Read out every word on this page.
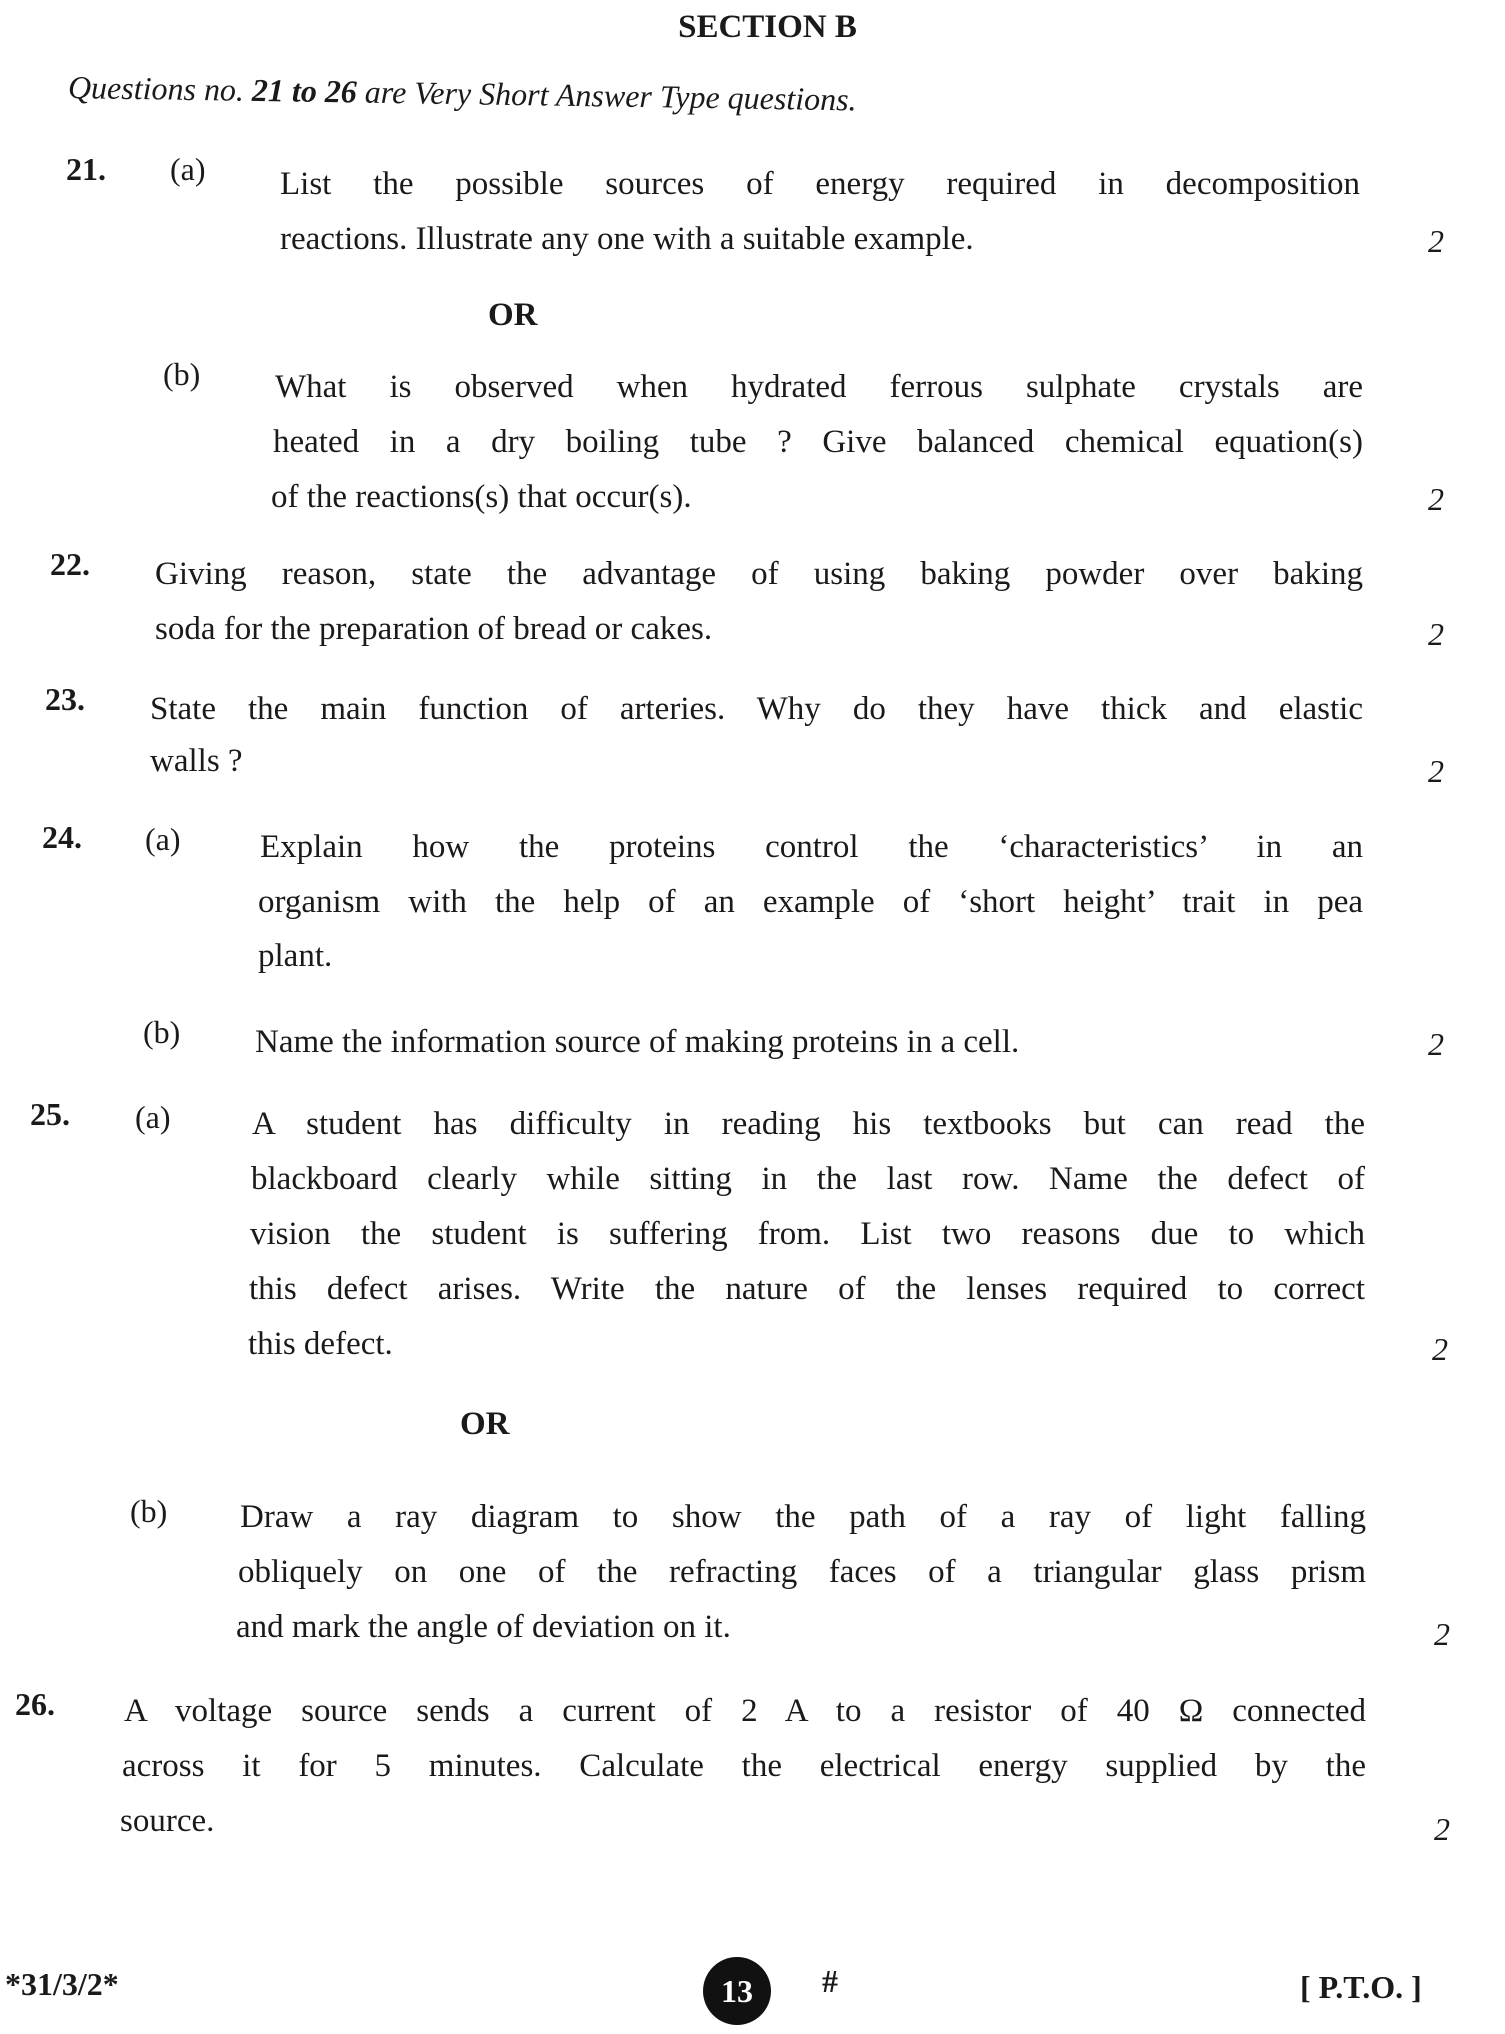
SECTION B
Questions no. 21 to 26 are Very Short Answer Type questions.
21. (a) List the possible sources of energy required in decomposition
reactions. Illustrate any one with a suitable example.	2
OR
(b) What is observed when hydrated ferrous sulphate crystals are
heated in a dry boiling tube ? Give balanced chemical equation(s)
of the reactions(s) that occur(s).	2
22. Giving reason, state the advantage of using baking powder over baking
soda for the preparation of bread or cakes.	2
23. State the main function of arteries. Why do they have thick and elastic
walls ?	2
24. (a) Explain how the proteins control the ‘characteristics’ in an
organism with the help of an example of ‘short height’ trait in pea
plant.
(b) Name the information source of making proteins in a cell.	2
25. (a) A student has difficulty in reading his textbooks but can read the
blackboard clearly while sitting in the last row. Name the defect of
vision the student is suffering from. List two reasons due to which
this defect arises. Write the nature of the lenses required to correct
this defect.	2
OR
(b) Draw a ray diagram to show the path of a ray of light falling
obliquely on one of the refracting faces of a triangular glass prism
and mark the angle of deviation on it.	2
26. A voltage source sends a current of 2 A to a resistor of 40 Ω connected
across it for 5 minutes. Calculate the electrical energy supplied by the
source.	2
*31/3/2*	13	#	[ P.T.O. ]
